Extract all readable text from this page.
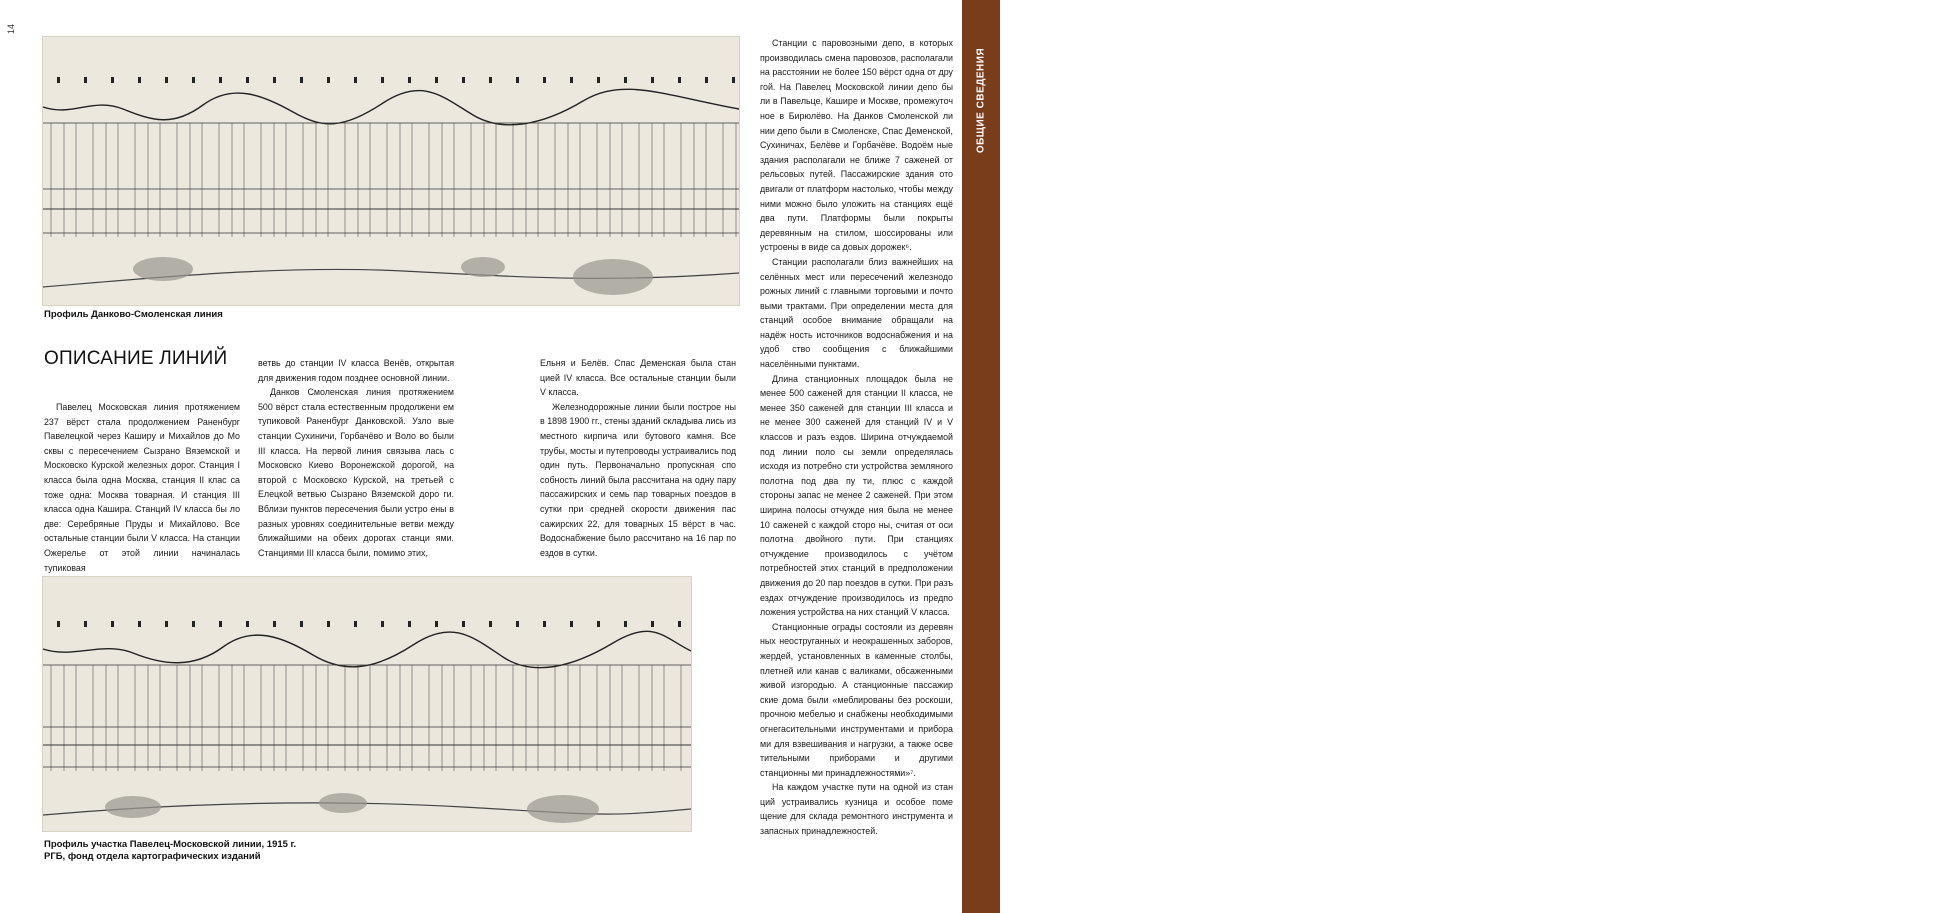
14
15
ОБЩИЕ СВЕДЕНИЯ
Профиль Данково-Смоленская линия
ОПИСАНИЕ ЛИНИЙ

Павелец Московская линия протяжением 237 вёрст стала продолжением Раненбург Павелецкой через Каширу и Михайлов до Мо сквы с пересечением Сызрано Вяземской и Московско Курской железных дорог. Станция I класса была одна Москва, станция II клас са тоже одна: Москва товарная. И станция III класса одна Кашира. Станций IV класса бы ло две: Серебряные Пруды и Михайлово. Все остальные станции были V класса. На станции Ожерелье от этой линии начиналась тупиковая

ветвь до станции IV класса Венёв, открытая для движения годом позднее основной линии.

Данков Смоленская линия протяжением 500 вёрст стала естественным продолжени ем тупиковой Раненбург Данковской. Узло вые станции Сухиничи, Горбачёво и Воло во были III класса. На первой линия связыва лась с Московско Киево Воронежской дорогой, на второй с Московско Курской, на третьей с Елецкой ветвью Сызрано Вяземской доро ги. Вблизи пунктов пересечения были устро ены в разных уровнях соединительные ветви между ближайшими на обеих дорогах станци ями. Станциями III класса были, помимо этих,

Ельня и Белёв. Спас Деменская была стан цией IV класса. Все остальные станции были V класса.

Железнодорожные линии были построе ны в 1898 1900 гг., стены зданий складыва лись из местного кирпича или бутового камня. Все трубы, мосты и путепроводы устраивались под один путь. Первоначально пропускная спо собность линий была рассчитана на одну пару пассажирских и семь пар товарных поездов в сутки при средней скорости движения пас сажирских 22, для товарных 15 вёрст в час. Водоснабжение было рассчитано на 16 пар по ездов в сутки.

Станции с паровозными депо, в которых производилась смена паровозов, располагали на расстоянии не более 150 вёрст одна от дру гой. На Павелец Московской линии депо бы ли в Павельце, Кашире и Москве, промежуточ ное в Бирюлёво. На Данков Смоленской ли нии депо были в Смоленске, Спас Деменской, Сухиничах, Белёве и Горбачёве. Водоём ные здания располагали не ближе 7 саженей от рельсовых путей. Пассажирские здания ото двигали от платформ настолько, чтобы между ними можно было уложить на станциях ещё два пути. Платформы были покрыты деревянным на стилом, шоссированы или устроены в виде са довых дорожек⁶.

Станции располагали близ важнейших на селённых мест или пересечений железнодо рожных линий с главными торговыми и почто выми трактами. При определении места для станций особое внимание обращали на надёж ность источников водоснабжения и на удоб ство сообщения с ближайшими населёнными пунктами.

Длина станционных площадок была не менее 500 саженей для станции II класса, не менее 350 саженей для станции III класса и не менее 300 саженей для станций IV и V классов и разъ ездов. Ширина отчуждаемой под линии поло сы земли определялась исходя из потребно сти устройства земляного полотна под два пу ти, плюс с каждой стороны запас не менее 2 саженей. При этом ширина полосы отчужде ния была не менее 10 саженей с каждой сторо ны, считая от оси полотна двойного пути. При станциях отчуждение производилось с учётом потребностей этих станций в предположении движения до 20 пар поездов в сутки. При разъ ездах отчуждение производилось из предпо ложения устройства на них станций V класса.

Станционные ограды состояли из деревян ных неоструганных и неокрашенных заборов, жердей, установленных в каменные столбы, плетней или канав с валиками, обсаженными живой изгородью. А станционные пассажир ские дома были «меблированы без роскоши, прочною мебелью и снабжены необходимыми огнегасительными инструментами и прибора ми для взвешивания и нагрузки, а также осве тительными приборами и другими станционны ми принадлежностями»⁷.

На каждом участке пути на одной из стан ций устраивались кузница и особое поме щение для склада ремонтного инструмента и запасных принадлежностей.

Профиль участка Павелец-Московской линии, 1915 г.
РГБ, фонд отдела картографических изданий
